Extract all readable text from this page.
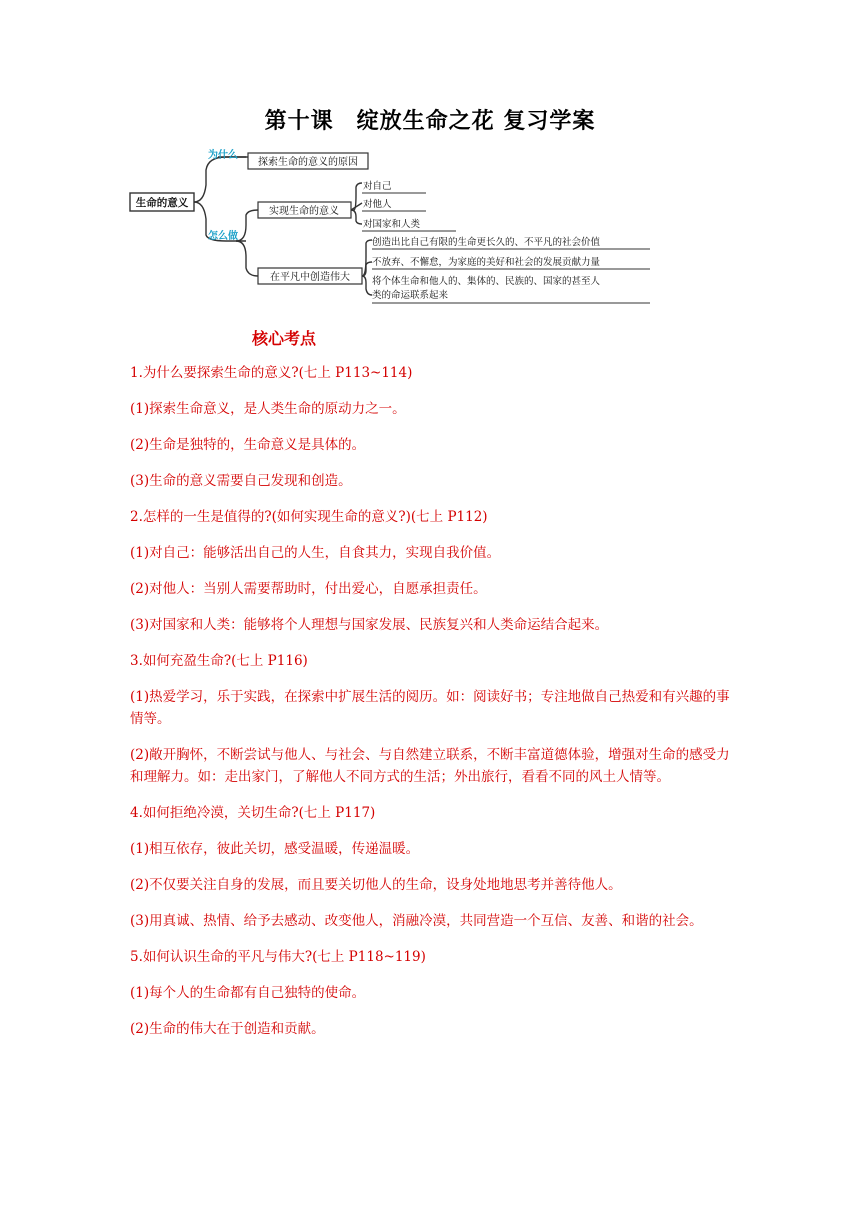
第十课　绽放生命之花 复习学案
生命的意义
为什么
怎么做
探索生命的意义的原因
实现生命的意义
对自己
对他人
对国家和人类
在平凡中创造伟大
创造出比自己有限的生命更长久的、不平凡的社会价值
不放弃、不懈怠，为家庭的美好和社会的发展贡献力量
将个体生命和他人的、集体的、民族的、国家的甚至人
类的命运联系起来
核心考点

1.为什么要探索生命的意义?(七上 P113~114)

(1)探索生命意义，是人类生命的原动力之一。

(2)生命是独特的，生命意义是具体的。

(3)生命的意义需要自己发现和创造。

2.怎样的一生是值得的?(如何实现生命的意义?)(七上 P112)

(1)对自己：能够活出自己的人生，自食其力，实现自我价值。

(2)对他人：当别人需要帮助时，付出爱心，自愿承担责任。

(3)对国家和人类：能够将个人理想与国家发展、民族复兴和人类命运结合起来。

3.如何充盈生命?(七上 P116)

(1)热爱学习，乐于实践，在探索中扩展生活的阅历。如：阅读好书；专注地做自己热爱和有兴趣的事情等。

(2)敞开胸怀，不断尝试与他人、与社会、与自然建立联系，不断丰富道德体验，增强对生命的感受力和理解力。如：走出家门，了解他人不同方式的生活；外出旅行，看看不同的风土人情等。

4.如何拒绝冷漠，关切生命?(七上 P117)

(1)相互依存，彼此关切，感受温暖，传递温暖。

(2)不仅要关注自身的发展，而且要关切他人的生命，设身处地地思考并善待他人。

(3)用真诚、热情、给予去感动、改变他人，消融冷漠，共同营造一个互信、友善、和谐的社会。

5.如何认识生命的平凡与伟大?(七上 P118~119)

(1)每个人的生命都有自己独特的使命。

(2)生命的伟大在于创造和贡献。
